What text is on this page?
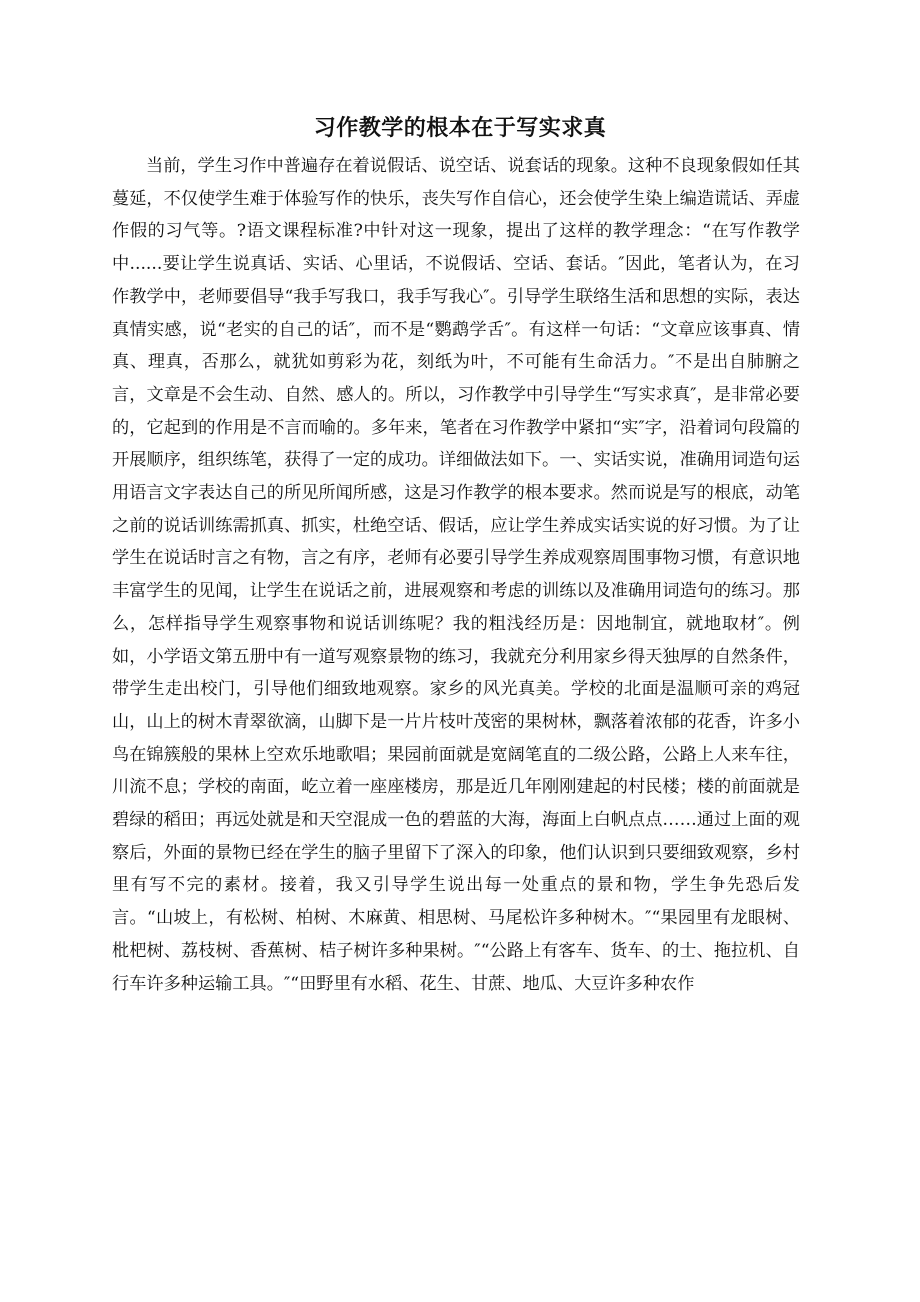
习作教学的根本在于写实求真

当前，学生习作中普遍存在着说假话、说空话、说套话的现象。这种不良现象假如任其蔓延，不仅使学生难于体验写作的快乐，丧失写作自信心，还会使学生染上编造谎话、弄虚作假的习气等。?语文课程标准?中针对这一现象，提出了这样的教学理念：“在写作教学中......要让学生说真话、实话、心里话，不说假话、空话、套话。″因此，笔者认为，在习作教学中，老师要倡导“我手写我口，我手写我心″。引导学生联络生活和思想的实际，表达真情实感，说“老实的自己的话″，而不是“鹦鹉学舌″。有这样一句话：“文章应该事真、情真、理真，否那么，就犹如剪彩为花，刻纸为叶，不可能有生命活力。″不是出自肺腑之言，文章是不会生动、自然、感人的。所以，习作教学中引导学生“写实求真″，是非常必要的，它起到的作用是不言而喻的。多年来，笔者在习作教学中紧扣“实″字，沿着词句段篇的开展顺序，组织练笔，获得了一定的成功。详细做法如下。一、实话实说，准确用词造句运用语言文字表达自己的所见所闻所感，这是习作教学的根本要求。然而说是写的根底，动笔之前的说话训练需抓真、抓实，杜绝空话、假话，应让学生养成实话实说的好习惯。为了让学生在说话时言之有物，言之有序，老师有必要引导学生养成观察周围事物习惯，有意识地丰富学生的见闻，让学生在说话之前，进展观察和考虑的训练以及准确用词造句的练习。那么，怎样指导学生观察事物和说话训练呢？我的粗浅经历是：因地制宜，就地取材″。例如，小学语文第五册中有一道写观察景物的练习，我就充分利用家乡得天独厚的自然条件，带学生走出校门，引导他们细致地观察。家乡的风光真美。学校的北面是温顺可亲的鸡冠山，山上的树木青翠欲滴，山脚下是一片片枝叶茂密的果树林，飘落着浓郁的花香，许多小鸟在锦簇般的果林上空欢乐地歌唱；果园前面就是宽阔笔直的二级公路，公路上人来车往，川流不息；学校的南面，屹立着一座座楼房，那是近几年刚刚建起的村民楼；楼的前面就是碧绿的稻田；再远处就是和天空混成一色的碧蓝的大海，海面上白帆点点……通过上面的观察后，外面的景物已经在学生的脑子里留下了深入的印象，他们认识到只要细致观察，乡村里有写不完的素材。接着，我又引导学生说出每一处重点的景和物，学生争先恐后发言。“山坡上，有松树、柏树、木麻黄、相思树、马尾松许多种树木。″“果园里有龙眼树、枇杷树、荔枝树、香蕉树、桔子树许多种果树。″“公路上有客车、货车、的士、拖拉机、自行车许多种运输工具。″“田野里有水稻、花生、甘蔗、地瓜、大豆许多种农作
